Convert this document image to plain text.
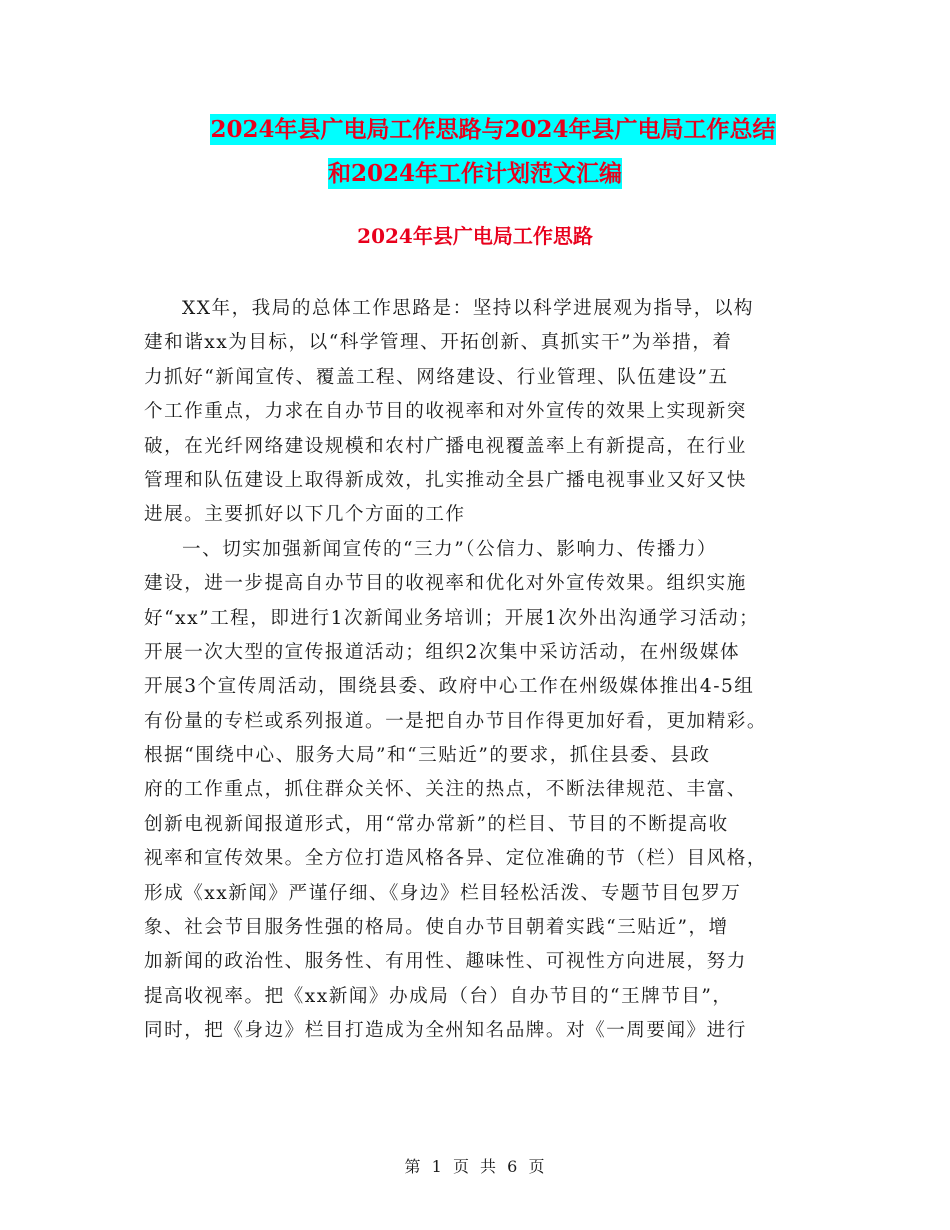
2024年县广电局工作思路与2024年县广电局工作总结
和2024年工作计划范文汇编
2024年县广电局工作思路
XX年，我局的总体工作思路是：坚持以科学进展观为指导，以构
建和谐xx为目标，以“科学管理、开拓创新、真抓实干”为举措，着
力抓好“新闻宣传、覆盖工程、网络建设、行业管理、队伍建设”五
个工作重点，力求在自办节目的收视率和对外宣传的效果上实现新突
破，在光纤网络建设规模和农村广播电视覆盖率上有新提高，在行业
管理和队伍建设上取得新成效，扎实推动全县广播电视事业又好又快
进展。主要抓好以下几个方面的工作
一、切实加强新闻宣传的“三力”（公信力、影响力、传播力）
建设，进一步提高自办节目的收视率和优化对外宣传效果。组织实施
好“xx”工程，即进行1次新闻业务培训；开展1次外出沟通学习活动；
开展一次大型的宣传报道活动；组织2次集中采访活动，在州级媒体
开展3个宣传周活动，围绕县委、政府中心工作在州级媒体推出4-5组
有份量的专栏或系列报道。一是把自办节目作得更加好看，更加精彩。
根据“围绕中心、服务大局”和“三贴近”的要求，抓住县委、县政
府的工作重点，抓住群众关怀、关注的热点，不断法律规范、丰富、
创新电视新闻报道形式，用“常办常新”的栏目、节目的不断提高收
视率和宣传效果。全方位打造风格各异、定位准确的节（栏）目风格，
形成《xx新闻》严谨仔细、《身边》栏目轻松活泼、专题节目包罗万
象、社会节目服务性强的格局。使自办节目朝着实践“三贴近”，增
加新闻的政治性、服务性、有用性、趣味性、可视性方向进展，努力
提高收视率。把《xx新闻》办成局（台）自办节目的“王牌节目”，
同时，把《身边》栏目打造成为全州知名品牌。对《一周要闻》进行
第 1 页 共 6 页
